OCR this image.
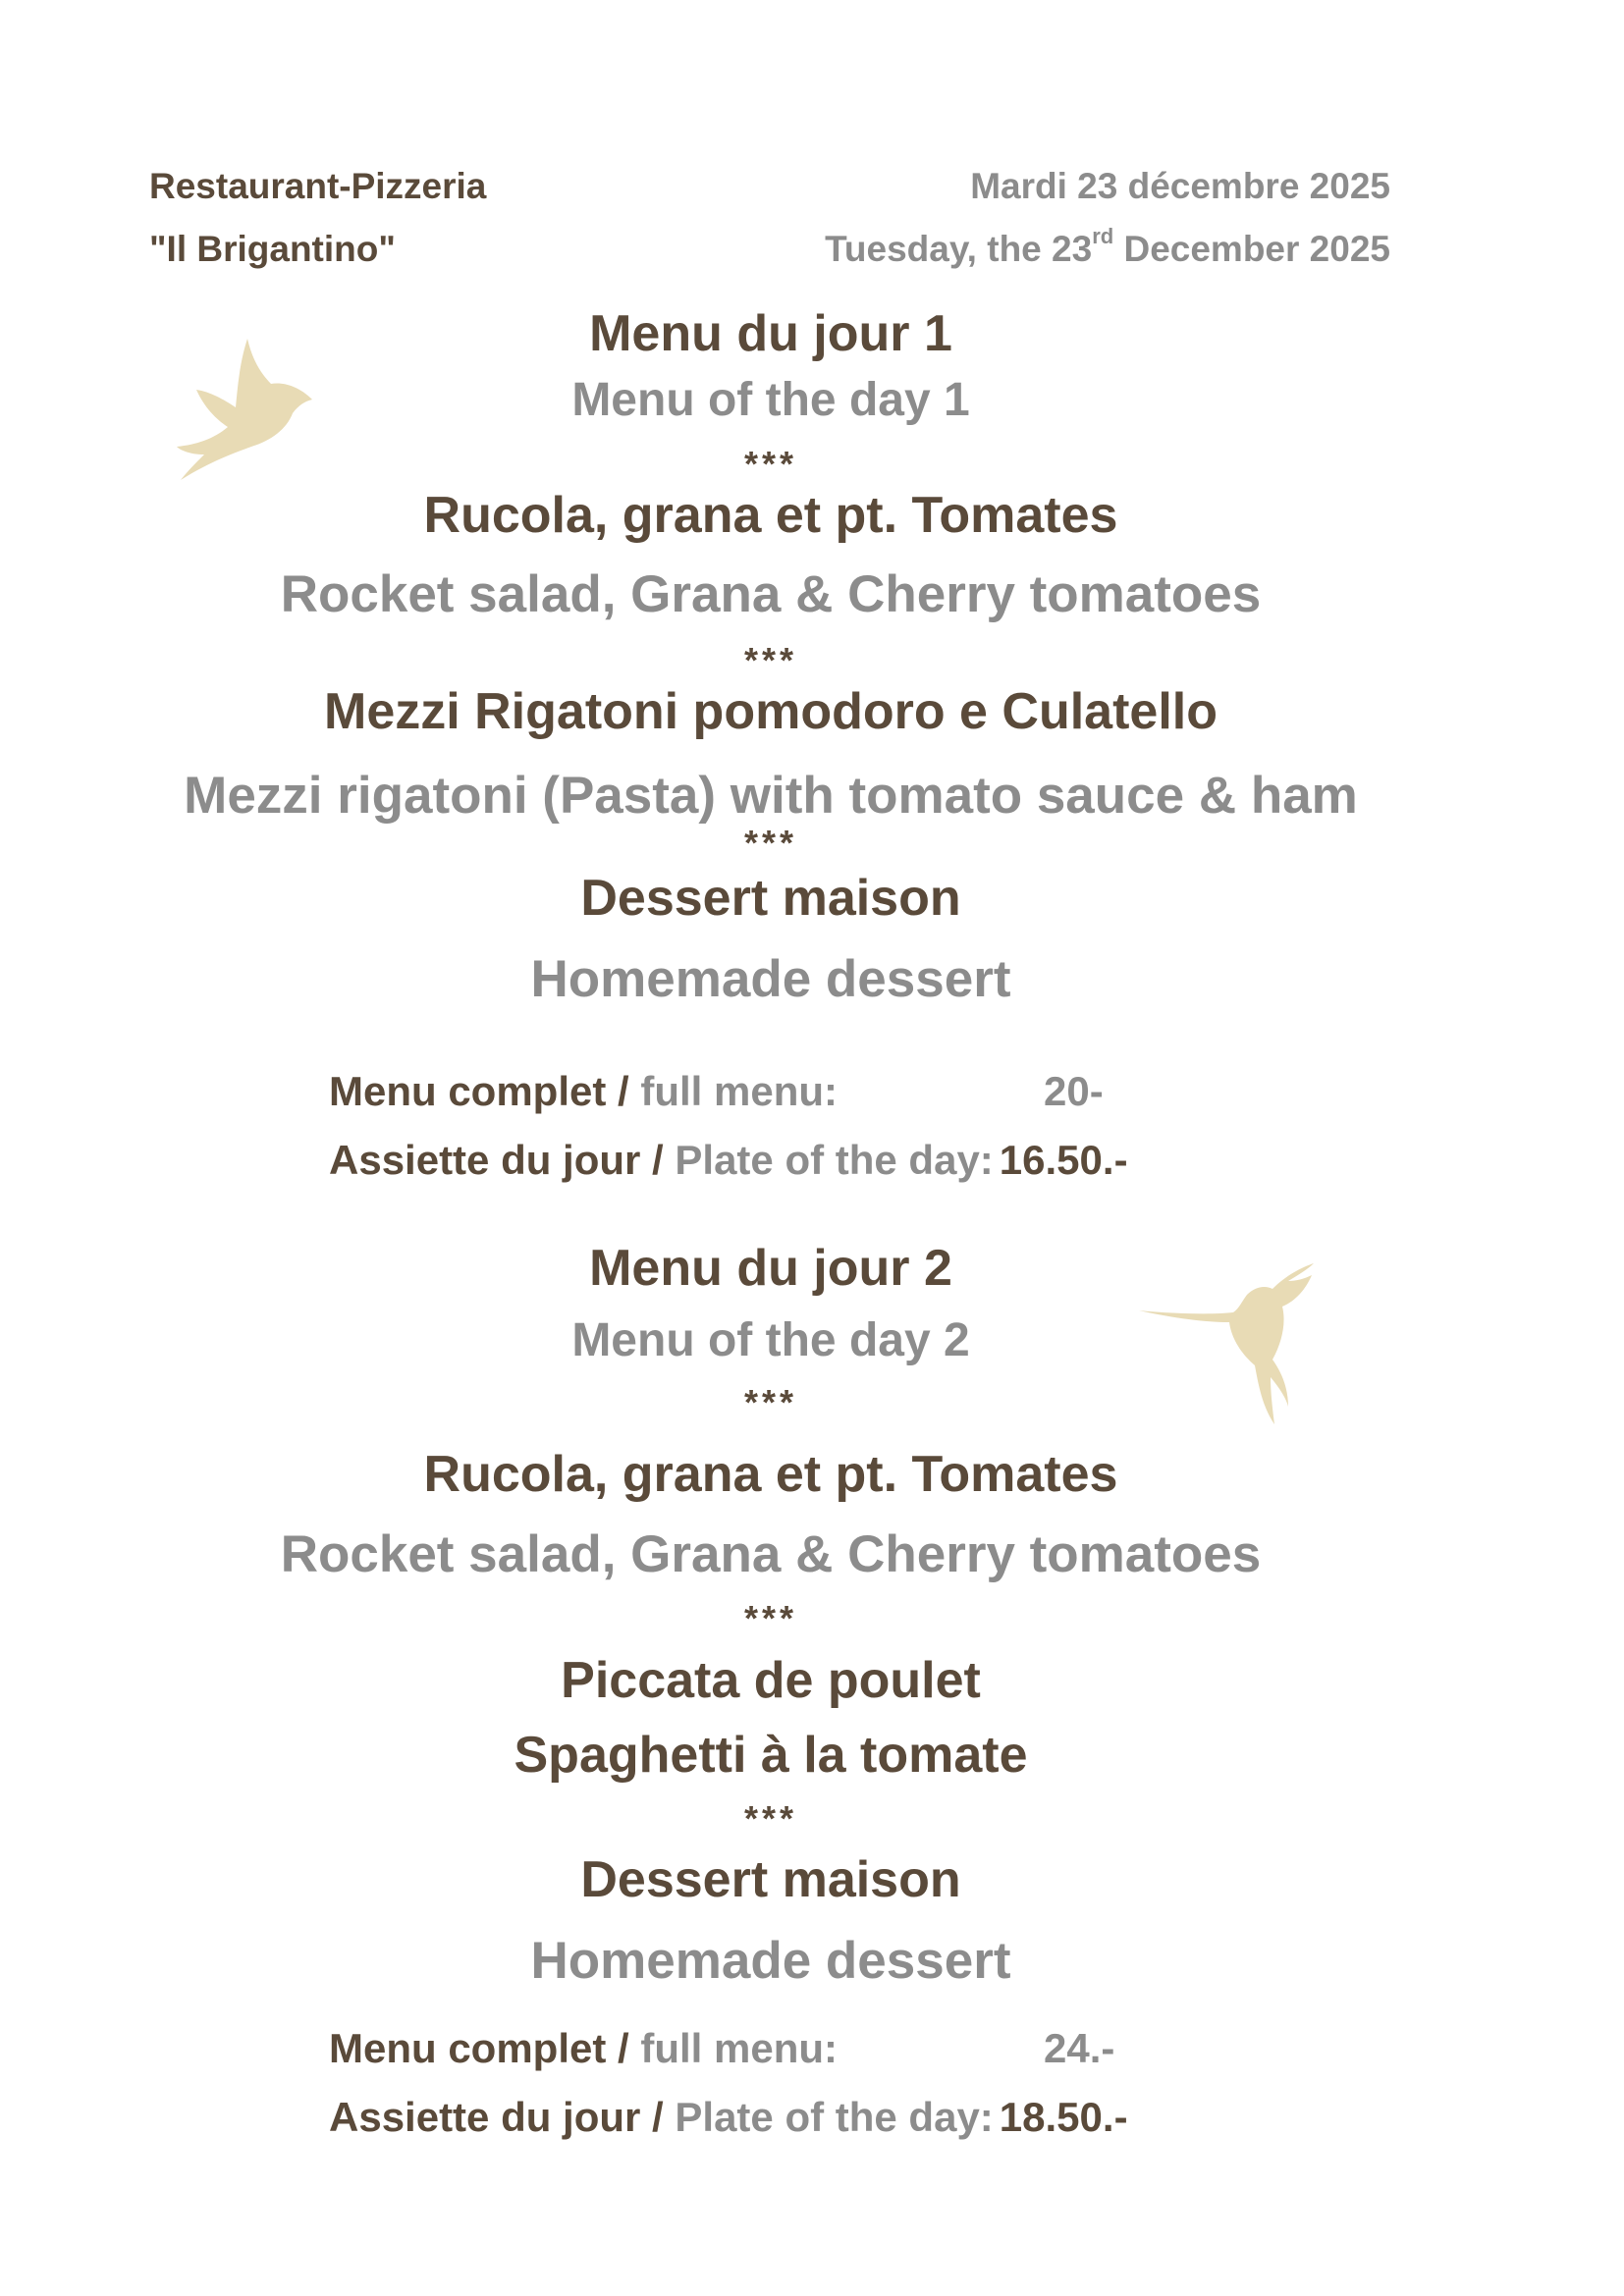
Restaurant-Pizzeria
"Il Brigantino"
Mardi 23 décembre 2025
Tuesday, the 23rd December 2025
Menu du jour 1
Menu of the day 1
***
Rucola, grana et pt. Tomates
Rocket salad, Grana & Cherry tomatoes
***
Mezzi Rigatoni pomodoro e Culatello
Mezzi rigatoni (Pasta) with tomato sauce & ham
***
Dessert maison
Homemade dessert
Menu complet / full menu:	20-
Assiette du jour / Plate of the day: 16.50.-
Menu du jour 2
Menu of the day 2
***
Rucola, grana et pt. Tomates
Rocket salad, Grana & Cherry tomatoes
***
Piccata de poulet
Spaghetti à la tomate
***
Dessert maison
Homemade dessert
Menu complet / full menu:	24.-
Assiette du jour / Plate of the day: 18.50.-
